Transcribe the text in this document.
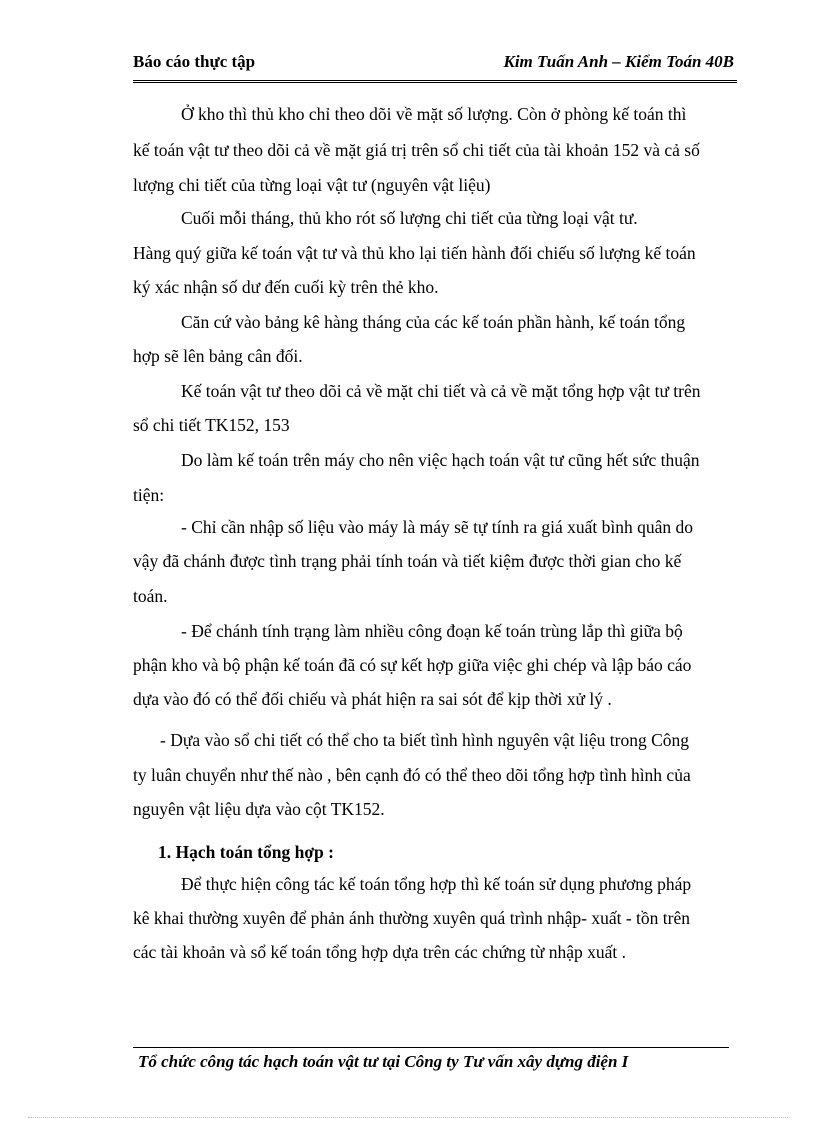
Báo cáo thực tập	Kim Tuấn Anh – Kiểm Toán 40B
Ở kho thì thủ kho chỉ theo dõi về mặt số lượng. Còn ở phòng kế toán thì
kế toán vật tư theo dõi cả về mặt giá trị trên sổ chi tiết của tài khoản 152 và cả số
lượng chi tiết của từng loại vật tư (nguyên vật liệu)
Cuối mỗi tháng, thủ kho rót số lượng chi tiết của từng loại vật tư.
Hàng quý giữa kế toán vật tư và thủ kho lại tiến hành đối chiếu số lượng kế toán
ký xác nhận số dư đến cuối kỳ trên thẻ kho.
Căn cứ vào bảng kê hàng tháng của các kế toán phần hành, kế toán tổng
hợp sẽ lên bảng cân đối.
Kế toán vật tư theo dõi cả về mặt chi tiết và cả về mặt tổng hợp vật tư trên
sổ chi tiết TK152, 153
Do làm kế toán trên máy cho nên việc hạch toán vật tư cũng hết sức thuận
tiện:
- Chỉ cần nhập số liệu vào máy là máy sẽ tự tính ra giá xuất bình quân do
vậy đã chánh được tình trạng phải tính toán và tiết kiệm được thời gian cho kế
toán.
- Để chánh tính trạng làm nhiều công đoạn kế toán trùng lắp thì giữa bộ
phận kho và bộ phận kế toán đã có sự kết hợp giữa việc ghi chép và lập báo cáo
dựa vào đó có thể đối chiếu và phát hiện ra sai sót để kịp thời xử lý .
- Dựa vào sổ chi tiết có thể cho ta biết tình hình nguyên vật liệu trong Công
ty luân chuyển như thế nào , bên cạnh đó có thể theo dõi tổng hợp tình hình của
nguyên vật liệu dựa vào cột TK152.
1. Hạch toán tổng hợp :
Để thực hiện công tác kế toán tổng hợp thì kế toán sử dụng phương pháp
kê khai thường xuyên để phản ánh thường xuyên quá trình nhập- xuất - tồn trên
các tài khoản và sổ kế toán tổng hợp dựa trên các chứng từ nhập xuất .
Tổ chức công tác hạch toán vật tư tại Công ty Tư vấn xây dựng điện I
